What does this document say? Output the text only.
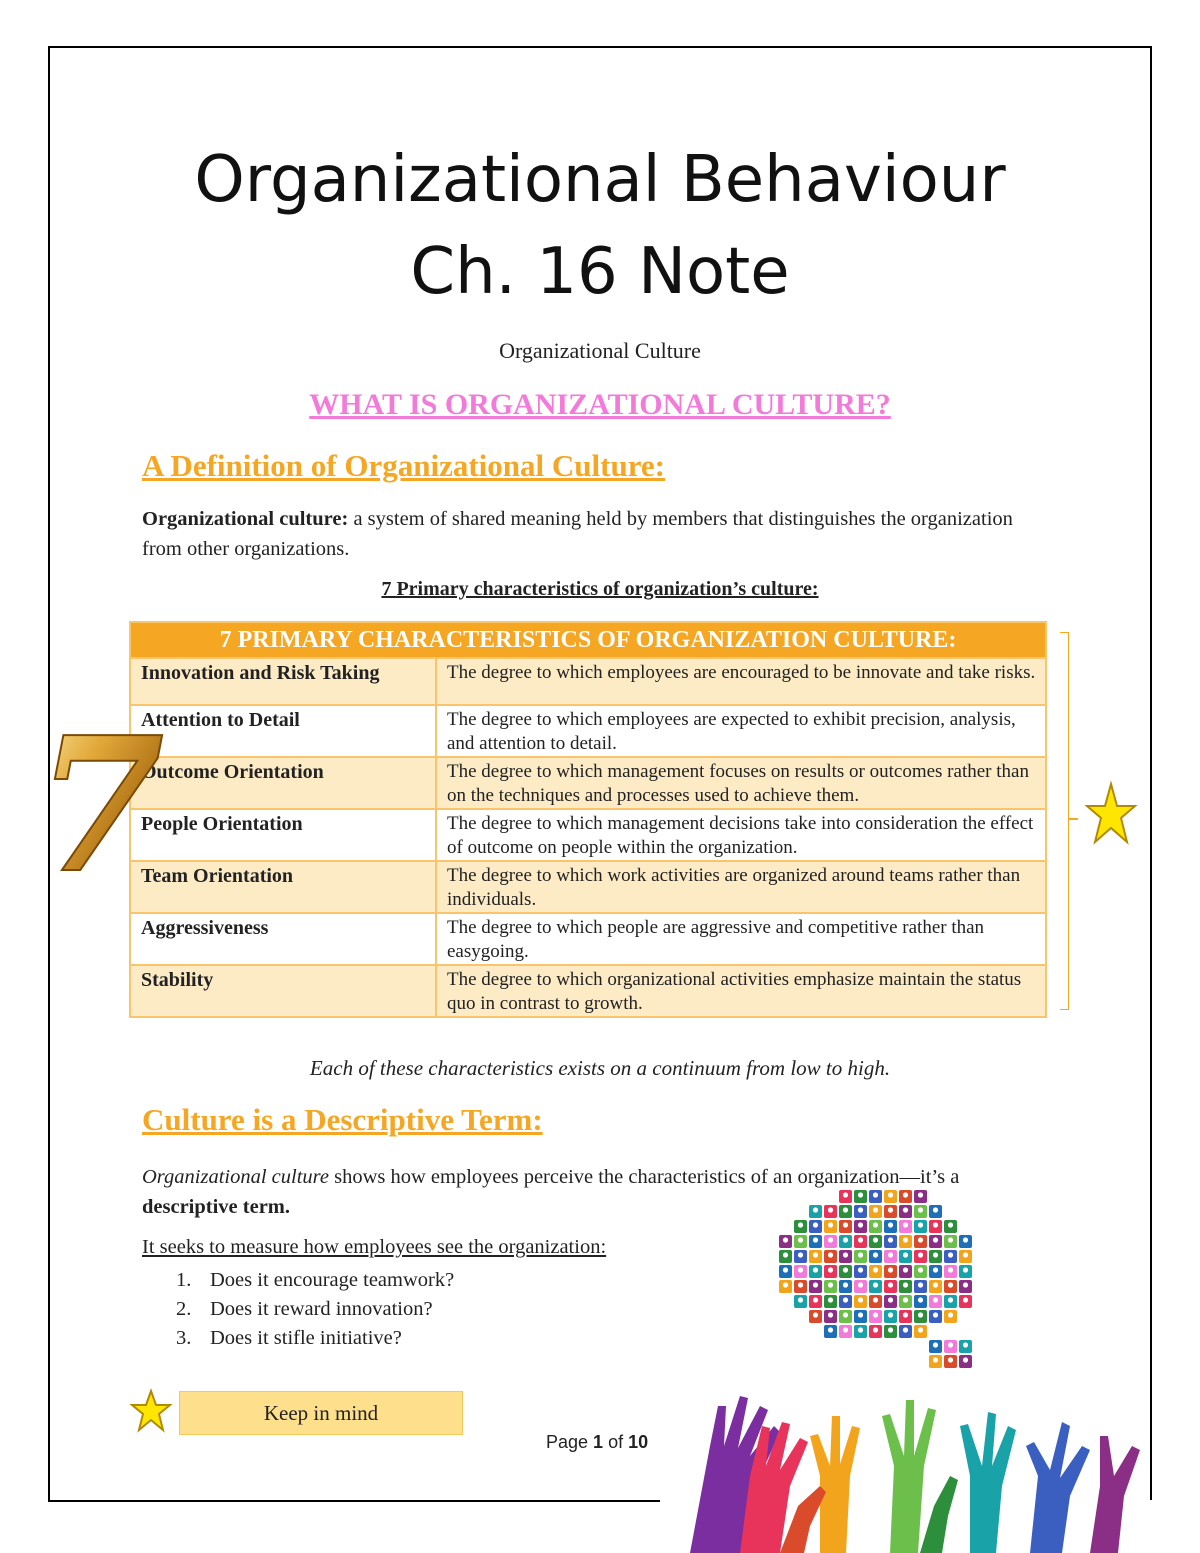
Organizational Behaviour
Ch. 16 Note
Organizational Culture
WHAT IS ORGANIZATIONAL CULTURE?
A Definition of Organizational Culture:
Organizational culture: a system of shared meaning held by members that distinguishes the organization from other organizations.
7 Primary characteristics of organization’s culture:
7 PRIMARY CHARACTERISTICS OF ORGANIZATION CULTURE:	
Innovation and Risk Taking	The degree to which employees are encouraged to be innovate and take risks.
Attention to Detail	The degree to which employees are expected to exhibit precision, analysis, and attention to detail.
Outcome Orientation	The degree to which management focuses on results or outcomes rather than on the techniques and processes used to achieve them.
People Orientation	The degree to which management decisions take into consideration the effect of outcome on people within the organization.
Team Orientation	The degree to which work activities are organized around teams rather than individuals.
Aggressiveness	The degree to which people are aggressive and competitive rather than easygoing.
Stability	The degree to which organizational activities emphasize maintain the status quo in contrast to growth.
7
Each of these characteristics exists on a continuum from low to high.
Culture is a Descriptive Term:
Organizational culture shows how employees perceive the characteristics of an organization—it’s a descriptive term.
It seeks to measure how employees see the organization:
1. Does it encourage teamwork?
2. Does it reward innovation?
3. Does it stifle initiative?
Keep in mind
Page 1 of 10
